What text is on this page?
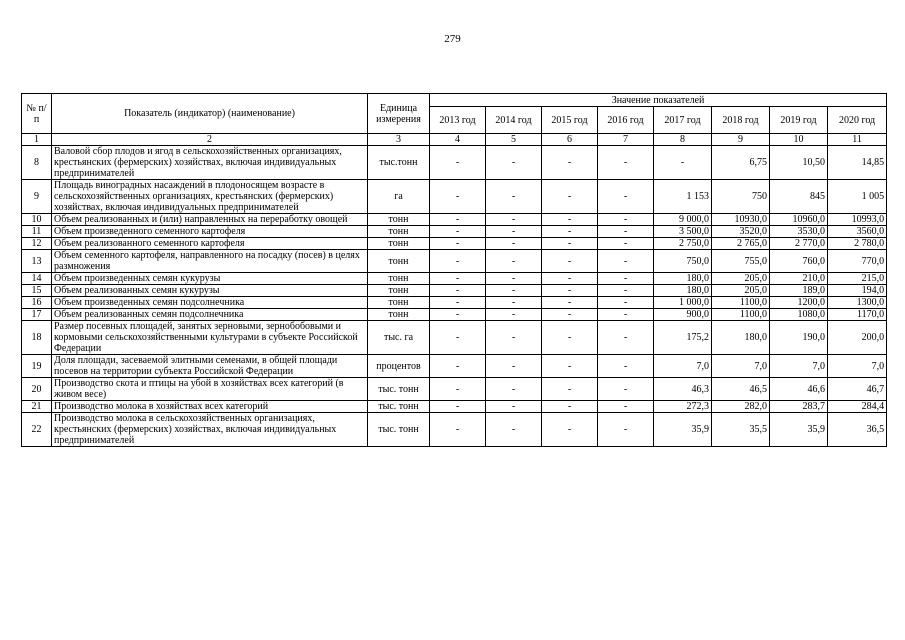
279
№ п/п	Показатель (индикатор) (наименование)	Единица измерения	Значение показателей							
			2013 год	2014 год	2015 год	2016 год	2017 год	2018 год	2019 год	2020 год
1	2	3	4	5	6	7	8	9	10	11
8	Валовой сбор плодов и ягод в сельскохозяйственных организациях, крестьянских (фермерских) хозяйствах, включая индивидуальных предпринимателей	тыс.тонн	-	-	-	-	-	6,75	10,50	14,85
9	Площадь виноградных насаждений в плодоносящем возрасте в сельскохозяйственных организациях, крестьянских (фермерских) хозяйствах, включая индивидуальных предпринимателей	га	-	-	-	-	1 153	750	845	1 005
10	Объем реализованных и (или) направленных на переработку овощей	тонн	-	-	-	-	9 000,0	10930,0	10960,0	10993,0
11	Объем произведенного семенного картофеля	тонн	-	-	-	-	3 500,0	3520,0	3530,0	3560,0
12	Объем реализованного семенного картофеля	тонн	-	-	-	-	2 750,0	2 765,0	2 770,0	2 780,0
13	Объем семенного картофеля, направленного на посадку (посев) в целях размножения	тонн	-	-	-	-	750,0	755,0	760,0	770,0
14	Объем произведенных семян кукурузы	тонн	-	-	-	-	180,0	205,0	210,0	215,0
15	Объем реализованных семян кукурузы	тонн	-	-	-	-	180,0	205,0	189,0	194,0
16	Объем произведенных семян подсолнечника	тонн	-	-	-	-	1 000,0	1100,0	1200,0	1300,0
17	Объем реализованных семян подсолнечника	тонн	-	-	-	-	900,0	1100,0	1080,0	1170,0
18	Размер посевных площадей, занятых зерновыми, зернобобовыми и кормовыми сельскохозяйственными культурами в субъекте Российской Федерации	тыс. га	-	-	-	-	175,2	180,0	190,0	200,0
19	Доля площади, засеваемой элитными семенами, в общей площади посевов на территории субъекта Российской Федерации	процентов	-	-	-	-	7,0	7,0	7,0	7,0
20	Производство скота и птицы на убой в хозяйствах всех категорий (в живом весе)	тыс. тонн	-	-	-	-	46,3	46,5	46,6	46,7
21	Производство молока в хозяйствах всех категорий	тыс. тонн	-	-	-	-	272,3	282,0	283,7	284,4
22	Производство молока в сельскохозяйственных организациях, крестьянских (фермерских) хозяйствах, включая индивидуальных предпринимателей	тыс. тонн	-	-	-	-	35,9	35,5	35,9	36,5
